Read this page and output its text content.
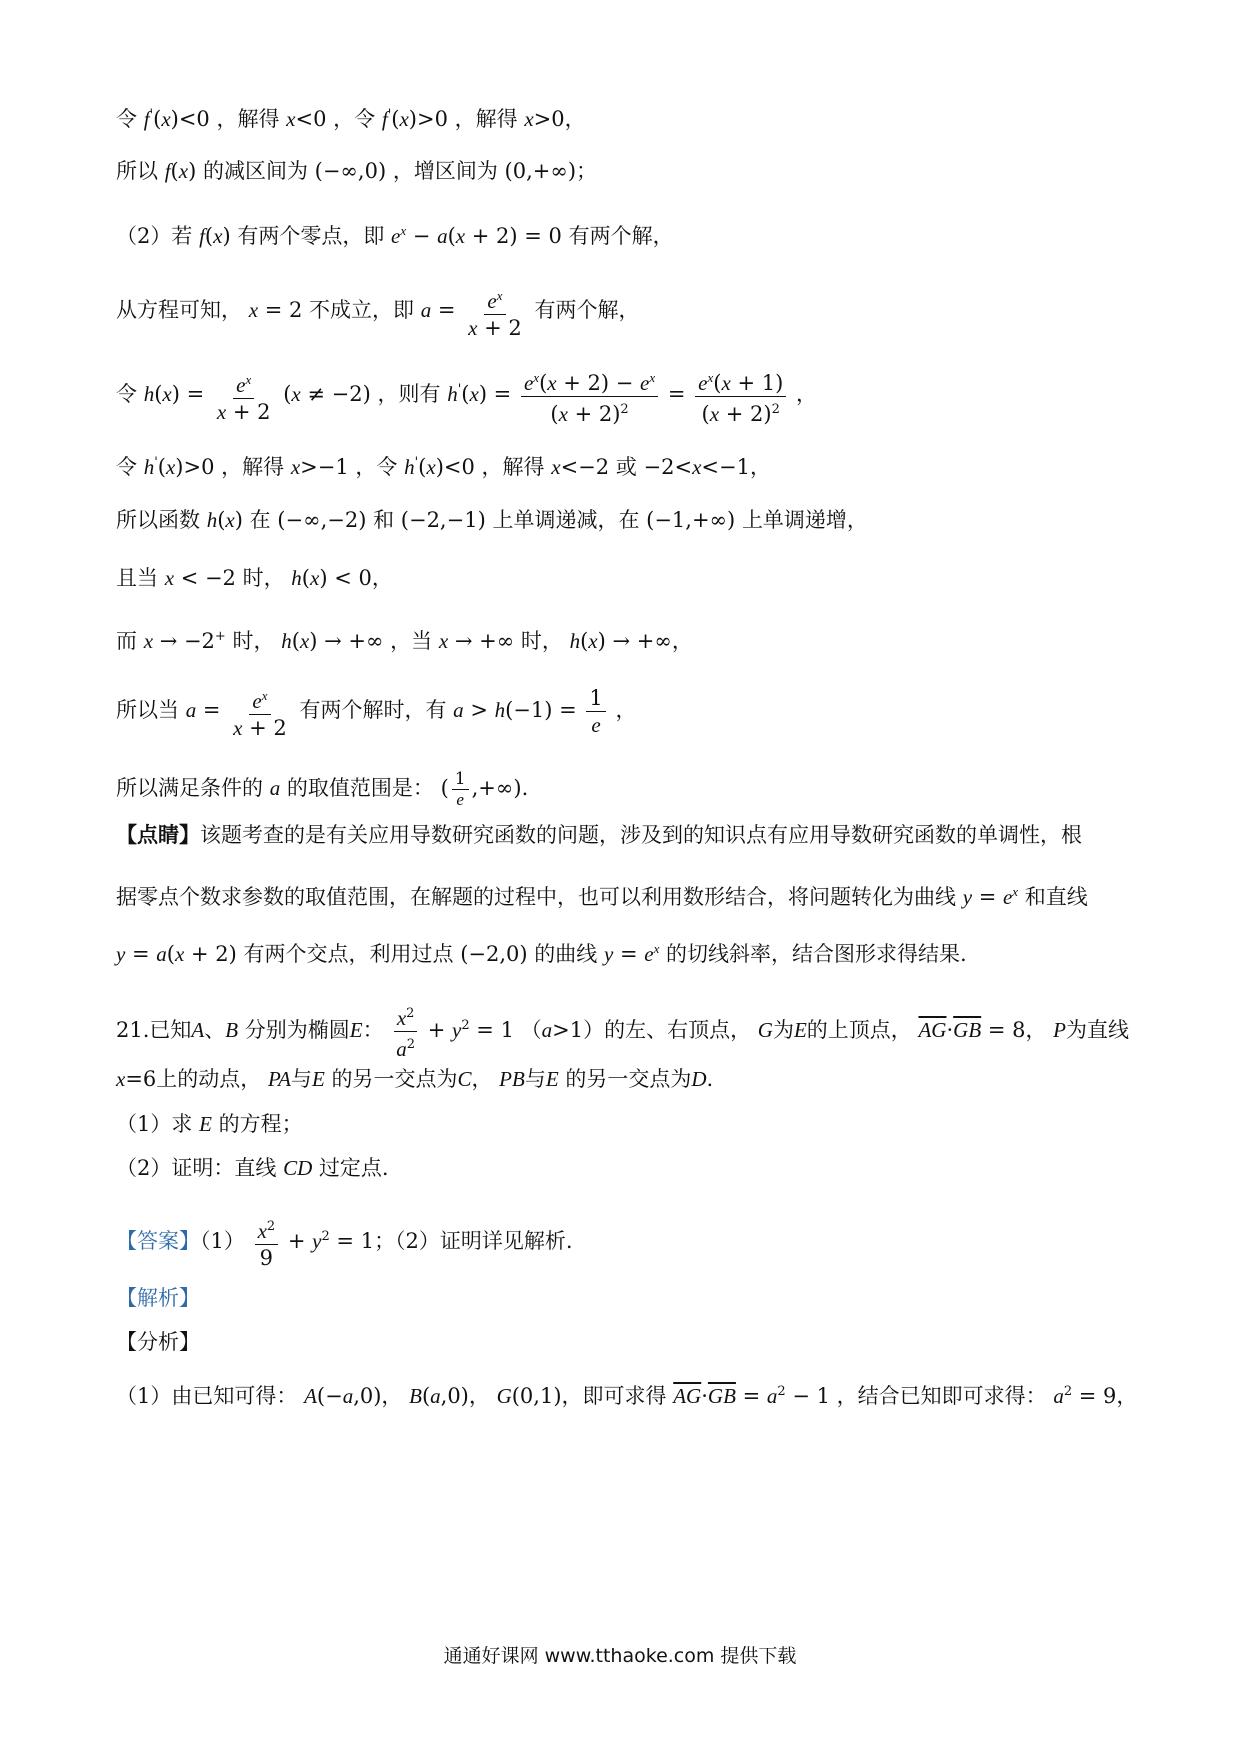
令 f'(x)<0 ，解得 x<0 ，令 f'(x)>0 ，解得 x>0，
所以 f(x) 的减区间为 (−∞,0) ，增区间为 (0,+∞)；
（2）若 f(x) 有两个零点，即 $e^x - a(x + 2) = 0$ 有两个解，
从方程可知， x = 2 不成立，即 $a = \frac{e^x}{x + 2}$ 有两个解，
令 $h(x) = \frac{e^x}{x + 2} (x \ne -2)$ ，则有 $h'(x) = \frac{e^x(x + 2) - e^x}{(x + 2)^2} = \frac{e^x(x + 1)}{(x + 2)^2}$ ，
令 h'(x)>0 ，解得 x>−1 ，令 h'(x)<0 ，解得 x<−2 或 −2<x<−1，
所以函数 h(x) 在 (−∞,−2) 和 (−2,−1) 上单调递减，在 (−1,+∞) 上单调递增，
且当 x < −2 时， h(x) < 0，
而 x → −2+ 时， h(x) → +∞ ，当 x → +∞ 时， h(x) → +∞，
所以当 $a = \frac{e^x}{x + 2}$ 有两个解时，有 $a > h(-1) = \frac{1}{e}$ ，
所以满足条件的 a 的取值范围是： ( $\frac{1}{e}$ ,+∞).
【点睛】该题考查的是有关应用导数研究函数的问题，涉及到的知识点有应用导数研究函数的单调性，根
据零点个数求参数的取值范围，在解题的过程中，也可以利用数形结合，将问题转化为曲线 $y = e^x$ 和直线
y = a(x + 2) 有两个交点，利用过点 (−2,0) 的曲线 $y = e^x$ 的切线斜率，结合图形求得结果.
21.已知A、B 分别为椭圆E： $\frac{x^2}{a^2} + y^2 = 1$ （a>1）的左、右顶点， G为E的上顶点， $\overline{AG}\cdot\overline{GB} = 8$， P为直线
x=6上的动点， PA与E 的另一交点为C， PB与E 的另一交点为D.
（1）求 E 的方程；
（2）证明：直线 CD 过定点.
【答案】$(1) \frac{x^2}{9} + y^2 = 1$；（2）证明详见解析.
【解析】
【分析】
（1）由已知可得： A(−a,0)， B(a,0)， G(0,1)，即可求得 $\overline{AG}\cdot\overline{GB} = a^2 - 1$ ，结合已知即可求得： $a^2 = 9$，
通通好课网 www.tthaoke.com 提供下载
